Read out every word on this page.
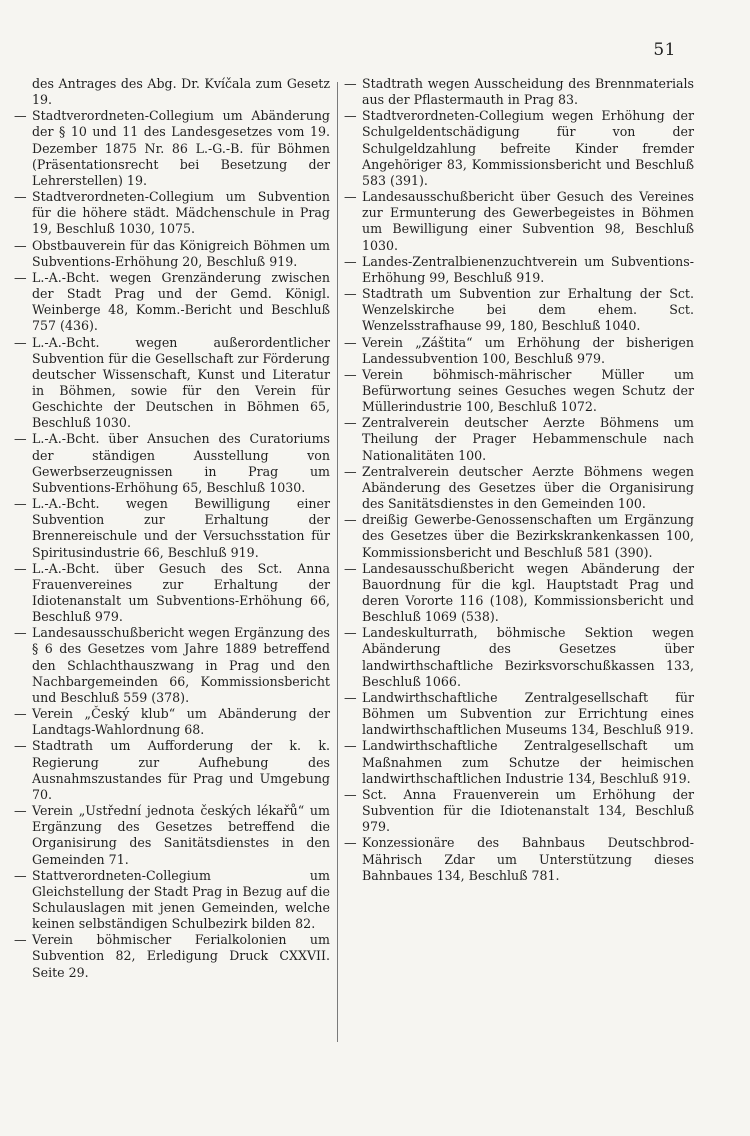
51

des Antrages des Abg. Dr. Kvíčala zum Gesetz 19.

— Stadtverordneten-Collegium um Abänderung der § 10 und 11 des Landesgesetzes vom 19. Dezember 1875 Nr. 86 L.-G.-B. für Böhmen (Präsentationsrecht bei Besetzung der Lehrerstellen) 19.

— Stadtverordneten-Collegium um Subvention für die höhere städt. Mädchenschule in Prag 19, Beschluß 1030, 1075.

— Obstbauverein für das Königreich Böhmen um Subventions-Erhöhung 20, Beschluß 919.

— L.-A.-Bcht. wegen Grenzänderung zwischen der Stadt Prag und der Gemd. Königl. Weinberge 48, Komm.-Bericht und Beschluß 757 (436).

— L.-A.-Bcht. wegen außerordentlicher Subvention für die Gesellschaft zur Förderung deutscher Wissenschaft, Kunst und Literatur in Böhmen, sowie für den Verein für Geschichte der Deutschen in Böhmen 65, Beschluß 1030.

— L.-A.-Bcht. über Ansuchen des Curatoriums der ständigen Ausstellung von Gewerbserzeugnissen in Prag um Subventions-Erhöhung 65, Beschluß 1030.

— L.-A.-Bcht. wegen Bewilligung einer Subvention zur Erhaltung der Brennereischule und der Versuchsstation für Spiritusindustrie 66, Beschluß 919.

— L.-A.-Bcht. über Gesuch des Sct. Anna Frauenvereines zur Erhaltung der Idiotenanstalt um Subventions-Erhöhung 66, Beschluß 979.

— Landesausschußbericht wegen Ergänzung des § 6 des Gesetzes vom Jahre 1889 betreffend den Schlachthauszwang in Prag und den Nachbargemeinden 66, Kommissionsbericht und Beschluß 559 (378).

— Verein „Český klub“ um Abänderung der Landtags-Wahlordnung 68.

— Stadtrath um Aufforderung der k. k. Regierung zur Aufhebung des Ausnahmszustandes für Prag und Umgebung 70.

— Verein „Ustřední jednota českých lékařů“ um Ergänzung des Gesetzes betreffend die Organisirung des Sanitätsdienstes in den Gemeinden 71.

— Stattverordneten-Collegium um Gleichstellung der Stadt Prag in Bezug auf die Schulauslagen mit jenen Gemeinden, welche keinen selbständigen Schulbezirk bilden 82.

— Verein böhmischer Ferialkolonien um Subvention 82, Erledigung Druck CXXVII. Seite 29.

— Stadtrath wegen Ausscheidung des Brennmaterials aus der Pflastermauth in Prag 83.

— Stadtverordneten-Collegium wegen Erhöhung der Schulgeldentschädigung für von der Schulgeldzahlung befreite Kinder fremder Angehöriger 83, Kommissionsbericht und Beschluß 583 (391).

— Landesausschußbericht über Gesuch des Vereines zur Ermunterung des Gewerbegeistes in Böhmen um Bewilligung einer Subvention 98, Beschluß 1030.

— Landes-Zentralbienenzuchtverein um Subventions-Erhöhung 99, Beschluß 919.

— Stadtrath um Subvention zur Erhaltung der Sct. Wenzelskirche bei dem ehem. Sct. Wenzelsstrafhause 99, 180, Beschluß 1040.

— Verein „Záštita“ um Erhöhung der bisherigen Landessubvention 100, Beschluß 979.

— Verein böhmisch-mährischer Müller um Befürwortung seines Gesuches wegen Schutz der Müllerindustrie 100, Beschluß 1072.

— Zentralverein deutscher Aerzte Böhmens um Theilung der Prager Hebammenschule nach Nationalitäten 100.

— Zentralverein deutscher Aerzte Böhmens wegen Abänderung des Gesetzes über die Organisirung des Sanitätsdienstes in den Gemeinden 100.

— dreißig Gewerbe-Genossenschaften um Ergänzung des Gesetzes über die Bezirkskrankenkassen 100, Kommissionsbericht und Beschluß 581 (390).

— Landesausschußbericht wegen Abänderung der Bauordnung für die kgl. Hauptstadt Prag und deren Vororte 116 (108), Kommissionsbericht und Beschluß 1069 (538).

— Landeskulturrath, böhmische Sektion wegen Abänderung des Gesetzes über landwirthschaftliche Bezirksvorschußkassen 133, Beschluß 1066.

— Landwirthschaftliche Zentralgesellschaft für Böhmen um Subvention zur Errichtung eines landwirthschaftlichen Museums 134, Beschluß 919.

— Landwirthschaftliche Zentralgesellschaft um Maßnahmen zum Schutze der heimischen landwirthschaftlichen Industrie 134, Beschluß 919.

— Sct. Anna Frauenverein um Erhöhung der Subvention für die Idiotenanstalt 134, Beschluß 979.

— Konzessionäre des Bahnbaus Deutschbrod-Mährisch Zdar um Unterstützung dieses Bahnbaues 134, Beschluß 781.
